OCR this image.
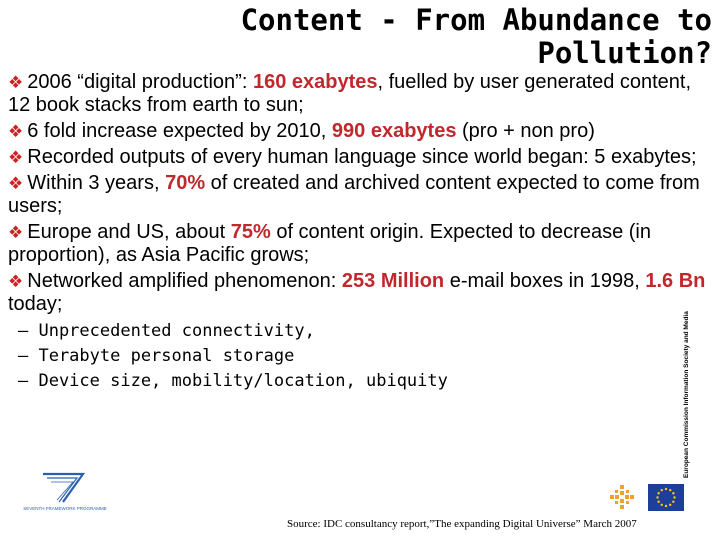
Content - From Abundance to Pollution?
❖ 2006 “digital production”: 160 exabytes, fuelled by user generated content, 12 book stacks from earth to sun;
❖ 6 fold increase expected by 2010, 990 exabytes (pro + non pro)
❖ Recorded outputs of every human language since world began: 5 exabytes;
❖ Within 3 years, 70% of created and archived content expected to come from users;
❖ Europe and US, about 75% of content origin. Expected to decrease (in proportion), as Asia Pacific grows;
❖ Networked amplified phenomenon: 253 Million e-mail boxes in 1998, 1.6 Bn today;
– Unprecedented connectivity,
– Terabyte personal storage
– Device size, mobility/location, ubiquity
Source: IDC consultancy report,”The expanding Digital Universe” March 2007
SEVENTH FRAMEWORK PROGRAMME
European Commission Information Society and Media
